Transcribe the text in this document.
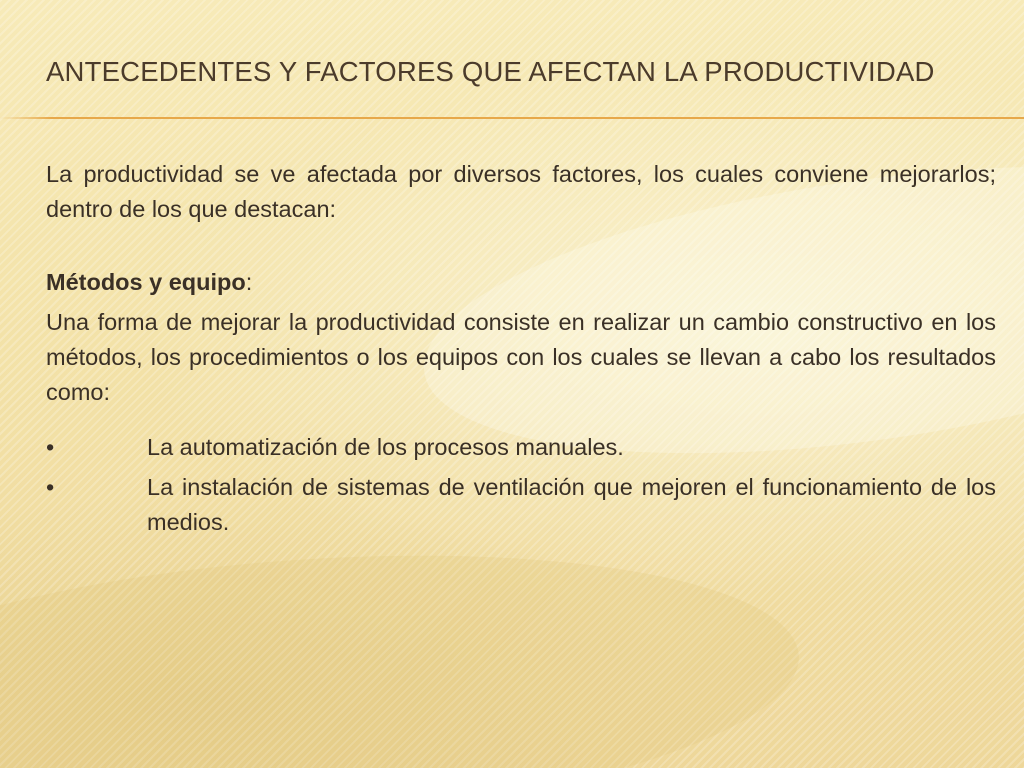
ANTECEDENTES Y FACTORES QUE AFECTAN LA PRODUCTIVIDAD

La productividad se ve afectada por diversos factores, los cuales conviene mejorarlos; dentro de los que destacan:

Métodos y equipo:

Una forma de mejorar la productividad consiste en realizar un cambio constructivo en los métodos, los procedimientos o los equipos con los cuales se llevan a cabo los resultados como:

•	La automatización de los procesos manuales.
•	La instalación de sistemas de ventilación que mejoren el funcionamiento de los medios.
